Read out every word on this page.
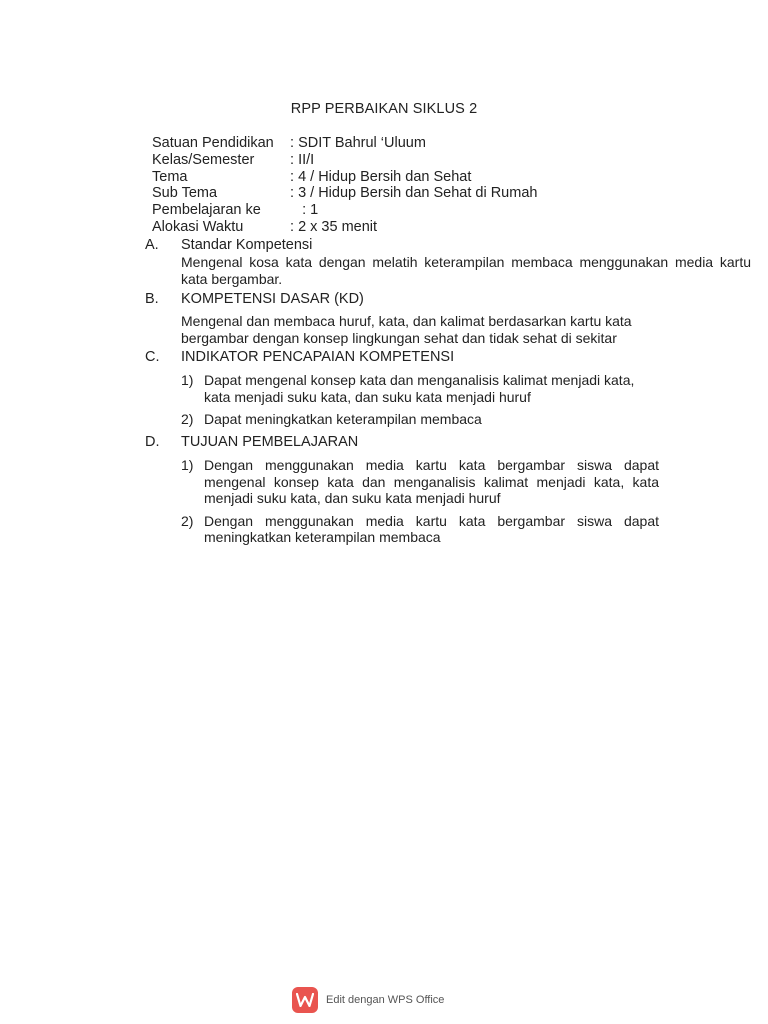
RPP PERBAIKAN SIKLUS 2
Satuan Pendidikan	: SDIT Bahrul ‘Uluum
Kelas/Semester	: II/I
Tema	: 4 / Hidup Bersih dan Sehat
Sub Tema	: 3 / Hidup Bersih dan Sehat di Rumah
Pembelajaran ke	: 1
Alokasi Waktu	: 2 x 35 menit
A.	Standar Kompetensi
Mengenal kosa kata dengan melatih keterampilan membaca menggunakan media kartu kata bergambar.
B.	KOMPETENSI DASAR (KD)
Mengenal dan membaca huruf, kata, dan kalimat berdasarkan kartu kata bergambar dengan konsep lingkungan sehat dan tidak sehat di sekitar
C.	INDIKATOR PENCAPAIAN KOMPETENSI
1) Dapat mengenal konsep kata dan menganalisis kalimat menjadi kata, kata menjadi suku kata, dan suku kata menjadi huruf
2) Dapat meningkatkan keterampilan membaca
D.	TUJUAN PEMBELAJARAN
1) Dengan menggunakan media kartu kata bergambar siswa dapat mengenal konsep kata dan menganalisis kalimat menjadi kata, kata menjadi suku kata, dan suku kata menjadi huruf
2) Dengan menggunakan media kartu kata bergambar siswa dapat meningkatkan keterampilan membaca
Edit dengan WPS Office
